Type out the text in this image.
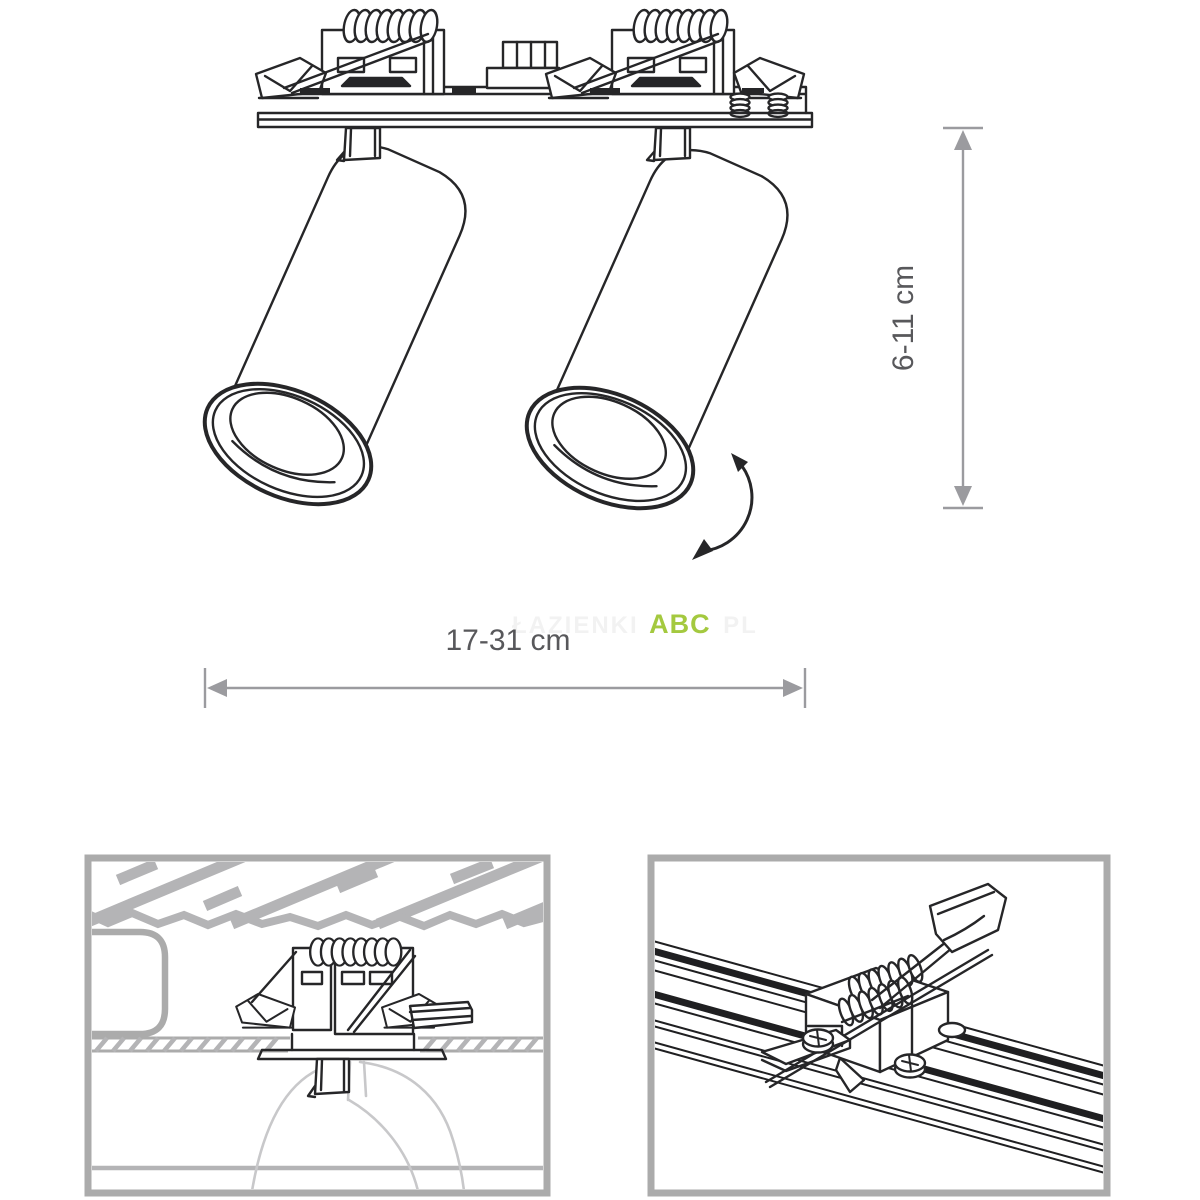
6-11 cm
17-31 cm
ŁAZIENKI ABC PL
